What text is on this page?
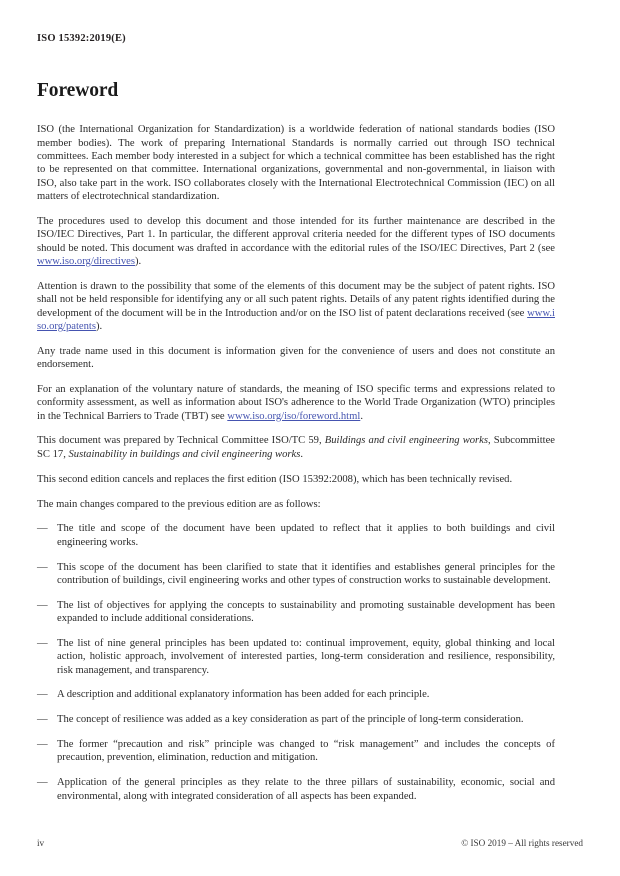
ISO 15392:2019(E)
Foreword

ISO (the International Organization for Standardization) is a worldwide federation of national standards bodies (ISO member bodies). The work of preparing International Standards is normally carried out through ISO technical committees. Each member body interested in a subject for which a technical committee has been established has the right to be represented on that committee. International organizations, governmental and non-governmental, in liaison with ISO, also take part in the work. ISO collaborates closely with the International Electrotechnical Commission (IEC) on all matters of electrotechnical standardization.

The procedures used to develop this document and those intended for its further maintenance are described in the ISO/IEC Directives, Part 1. In particular, the different approval criteria needed for the different types of ISO documents should be noted. This document was drafted in accordance with the editorial rules of the ISO/IEC Directives, Part 2 (see www.iso.org/directives).

Attention is drawn to the possibility that some of the elements of this document may be the subject of patent rights. ISO shall not be held responsible for identifying any or all such patent rights. Details of any patent rights identified during the development of the document will be in the Introduction and/or on the ISO list of patent declarations received (see www.iso.org/patents).

Any trade name used in this document is information given for the convenience of users and does not constitute an endorsement.

For an explanation of the voluntary nature of standards, the meaning of ISO specific terms and expressions related to conformity assessment, as well as information about ISO's adherence to the World Trade Organization (WTO) principles in the Technical Barriers to Trade (TBT) see www.iso.org/iso/foreword.html.

This document was prepared by Technical Committee ISO/TC 59, Buildings and civil engineering works, Subcommittee SC 17, Sustainability in buildings and civil engineering works.

This second edition cancels and replaces the first edition (ISO 15392:2008), which has been technically revised.

The main changes compared to the previous edition are as follows:

— The title and scope of the document have been updated to reflect that it applies to both buildings and civil engineering works.
— This scope of the document has been clarified to state that it identifies and establishes general principles for the contribution of buildings, civil engineering works and other types of construction works to sustainable development.
— The list of objectives for applying the concepts to sustainability and promoting sustainable development has been expanded to include additional considerations.
— The list of nine general principles has been updated to: continual improvement, equity, global thinking and local action, holistic approach, involvement of interested parties, long-term consideration and resilience, responsibility, risk management, and transparency.
— A description and additional explanatory information has been added for each principle.
— The concept of resilience was added as a key consideration as part of the principle of long-term consideration.
— The former “precaution and risk” principle was changed to “risk management” and includes the concepts of precaution, prevention, elimination, reduction and mitigation.
— Application of the general principles as they relate to the three pillars of sustainability, economic, social and environmental, along with integrated consideration of all aspects has been expanded.
iv	© ISO 2019 – All rights reserved
